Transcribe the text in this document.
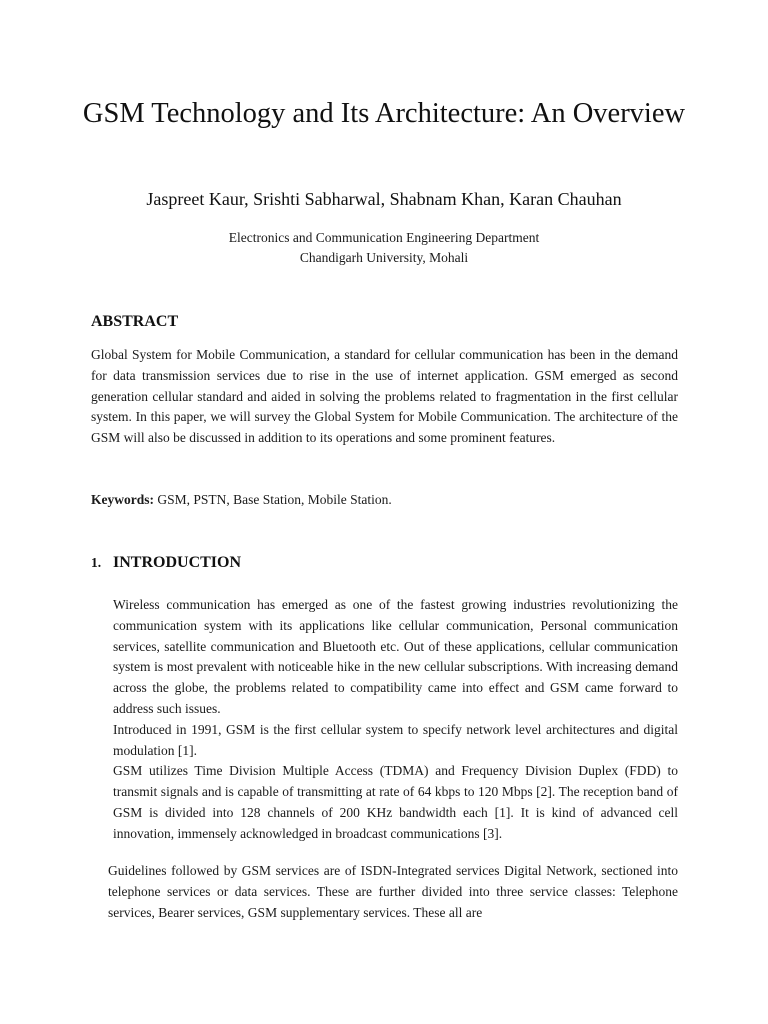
GSM Technology and Its Architecture: An Overview
Jaspreet Kaur, Srishti Sabharwal, Shabnam Khan, Karan Chauhan
Electronics and Communication Engineering Department
Chandigarh University, Mohali
ABSTRACT

Global System for Mobile Communication, a standard for cellular communication has been in the demand for data transmission services due to rise in the use of internet application. GSM emerged as second generation cellular standard and aided in solving the problems related to fragmentation in the first cellular system. In this paper, we will survey the Global System for Mobile Communication. The architecture of the GSM will also be discussed in addition to its operations and some prominent features.

Keywords: GSM, PSTN, Base Station, Mobile Station.
1. INTRODUCTION

Wireless communication has emerged as one of the fastest growing industries revolutionizing the communication system with its applications like cellular communication, Personal communication services, satellite communication and Bluetooth etc. Out of these applications, cellular communication system is most prevalent with noticeable hike in the new cellular subscriptions. With increasing demand across the globe, the problems related to compatibility came into effect and GSM came forward to address such issues.

Introduced in 1991, GSM is the first cellular system to specify network level architectures and digital modulation [1].

GSM utilizes Time Division Multiple Access (TDMA) and Frequency Division Duplex (FDD) to transmit signals and is capable of transmitting at rate of 64 kbps to 120 Mbps [2]. The reception band of GSM is divided into 128 channels of 200 KHz bandwidth each [1]. It is kind of advanced cell innovation, immensely acknowledged in broadcast communications [3].

Guidelines followed by GSM services are of ISDN-Integrated services Digital Network, sectioned into telephone services or data services. These are further divided into three service classes: Telephone services, Bearer services, GSM supplementary services. These all are
